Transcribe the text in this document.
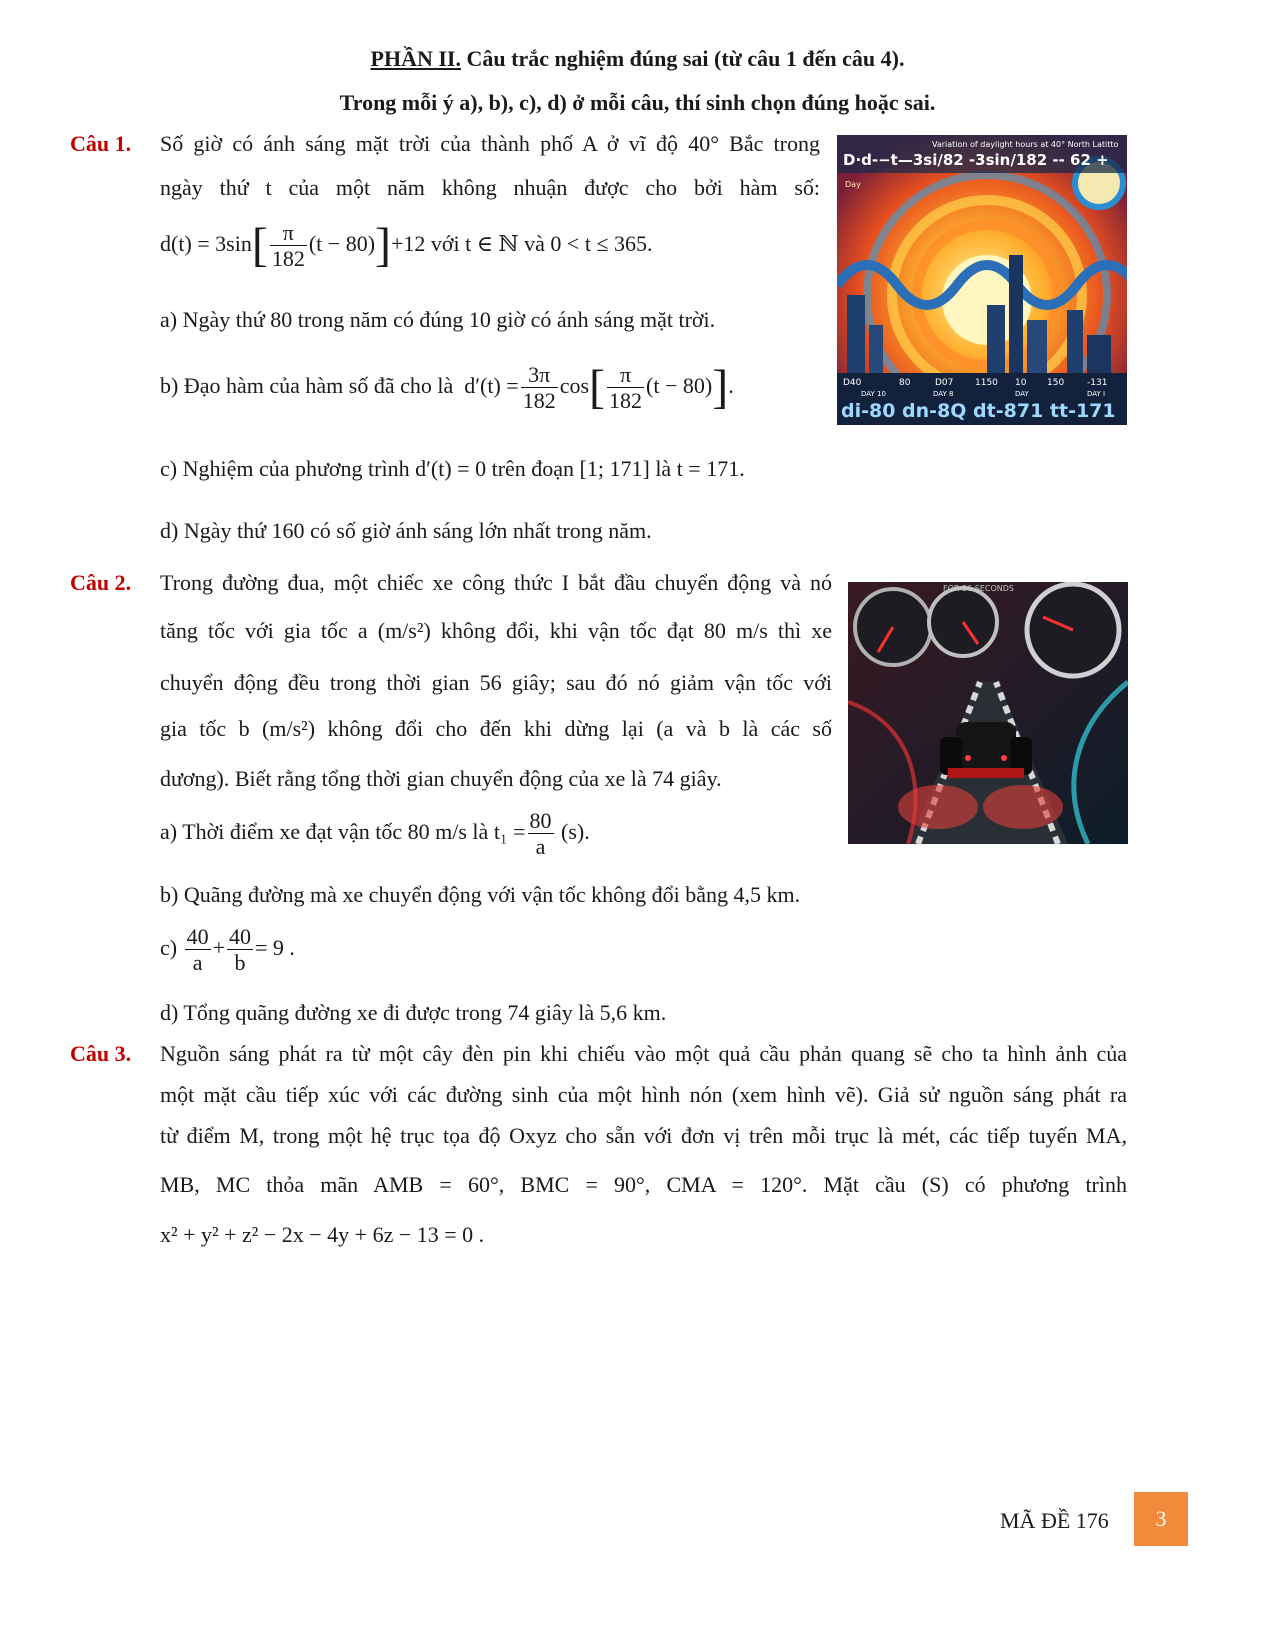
PHẦN II. Câu trắc nghiệm đúng sai (từ câu 1 đến câu 4).
Trong mỗi ý a), b), c), d) ở mỗi câu, thí sinh chọn đúng hoặc sai.
Câu 1. Số giờ có ánh sáng mặt trời của thành phố A ở vĩ độ 40° Bắc trong
ngày thứ t của một năm không nhuận được cho bởi hàm số:
$d(t) = 3\sin[ \frac{\pi}{182} (t - 80)]+12$ với t ∈ ℕ và 0 < t ≤ 365.
a) Ngày thứ 80 trong năm có đúng 10 giờ có ánh sáng mặt trời.
b) Đạo hàm của hàm số đã cho là $d'(t) = \frac{3\pi}{182} \cos[ \frac{\pi}{182} (t - 80)]$.
c) Nghiệm của phương trình d′(t) = 0 trên đoạn [1; 171] là t = 171.
d) Ngày thứ 160 có số giờ ánh sáng lớn nhất trong năm.
Variation of daylight hours at 40° North Latitto
D·d-−t—3si/82 -3sin/182 -- 62 +
Day
D40	80	D07 1150 10 150	-131
DAY 10	DAY 8	DAY	DAY I
di-80 dn-8Q dt-871 tt-171
Câu 2. Trong đường đua, một chiếc xe công thức I bắt đầu chuyển động và nó
tăng tốc với gia tốc a (m/s²) không đổi, khi vận tốc đạt 80 m/s thì xe
chuyển động đều trong thời gian 56 giây; sau đó nó giảm vận tốc với
gia tốc b (m/s²) không đổi cho đến khi dừng lại (a và b là các số
dương). Biết rằng tổng thời gian chuyển động của xe là 74 giây.
a) Thời điểm xe đạt vận tốc 80 m/s là $t_1 = \frac{80}{a} (s)$.
b) Quãng đường mà xe chuyển động với vận tốc không đổi bằng 4,5 km.
$c) \frac{40}{a} + \frac{40}{b} = 9$ .
d) Tổng quãng đường xe đi được trong 74 giây là 5,6 km.
FOR 56 SECONDS
Câu 3. Nguồn sáng phát ra từ một cây đèn pin khi chiếu vào một quả cầu phản quang sẽ cho ta hình ảnh của
một mặt cầu tiếp xúc với các đường sinh của một hình nón (xem hình vẽ). Giả sử nguồn sáng phát ra
từ điểm M, trong một hệ trục tọa độ Oxyz cho sẵn với đơn vị trên mỗi trục là mét, các tiếp tuyến MA,
MB, MC thỏa mãn AMB = 60°, BMC = 90°, CMA = 120°. Mặt cầu (S) có phương trình
x² + y² + z² − 2x − 4y + 6z − 13 = 0 .
MÃ ĐỀ 176	3
